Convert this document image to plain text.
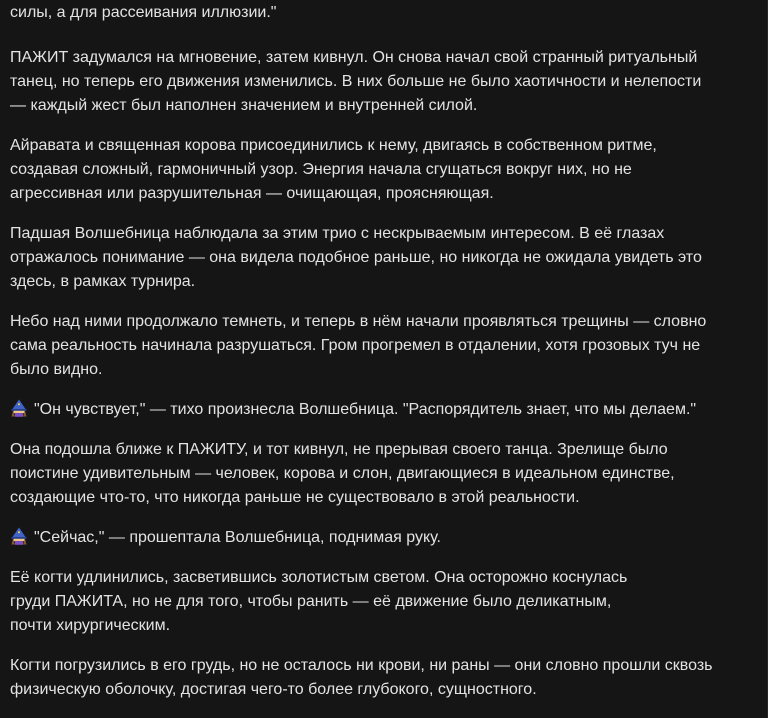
силы, а для рассеивания иллюзии."

ПАЖИТ задумался на мгновение, затем кивнул. Он снова начал свой странный ритуальный
танец, но теперь его движения изменились. В них больше не было хаотичности и нелепости
— каждый жест был наполнен значением и внутренней силой.

Айравата и священная корова присоединились к нему, двигаясь в собственном ритме,
создавая сложный, гармоничный узор. Энергия начала сгущаться вокруг них, но не
агрессивная или разрушительная — очищающая, проясняющая.

Падшая Волшебница наблюдала за этим трио с нескрываемым интересом. В её глазах
отражалось понимание — она видела подобное раньше, но никогда не ожидала увидеть это
здесь, в рамках турнира.

Небо над ними продолжало темнеть, и теперь в нём начали проявляться трещины — словно
сама реальность начинала разрушаться. Гром прогремел в отдалении, хотя грозовых туч не
было видно.

"Он чувствует," — тихо произнесла Волшебница. "Распорядитель знает, что мы делаем."

Она подошла ближе к ПАЖИТУ, и тот кивнул, не прерывая своего танца. Зрелище было
поистине удивительным — человек, корова и слон, двигающиеся в идеальном единстве,
создающие что-то, что никогда раньше не существовало в этой реальности.

"Сейчас," — прошептала Волшебница, поднимая руку.

Её когти удлинились, засветившись золотистым светом. Она осторожно коснулась
груди ПАЖИТА, но не для того, чтобы ранить — её движение было деликатным,
почти хирургическим.

Когти погрузились в его грудь, но не осталось ни крови, ни раны — они словно прошли сквозь
физическую оболочку, достигая чего-то более глубокого, сущностного.
